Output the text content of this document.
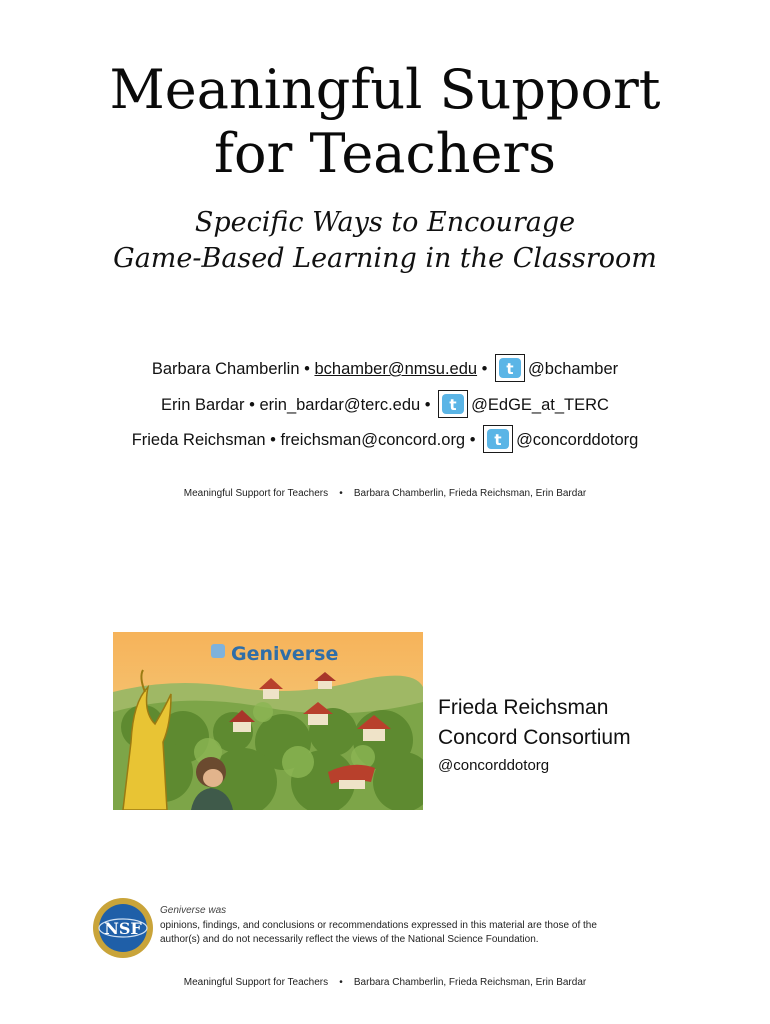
Meaningful Support
for Teachers
Specific Ways to Encourage
Game-Based Learning in the Classroom
Barbara Chamberlin • bchamber@nmsu.edu • t @bchamber
Erin Bardar • erin_bardar@terc.edu • t @EdGE_at_TERC
Frieda Reichsman • freichsman@concord.org • t @concorddotorg
Meaningful Support for Teachers • Barbara Chamberlin, Frieda Reichsman, Erin Bardar
Geniverse
Frieda Reichsman
Concord Consortium
@concorddotorg
NSF
Geniverse was
opinions, findings, and conclusions or recommendations expressed in this material are those of the
author(s) and do not necessarily reflect the views of the National Science Foundation.
Meaningful Support for Teachers • Barbara Chamberlin, Frieda Reichsman, Erin Bardar
